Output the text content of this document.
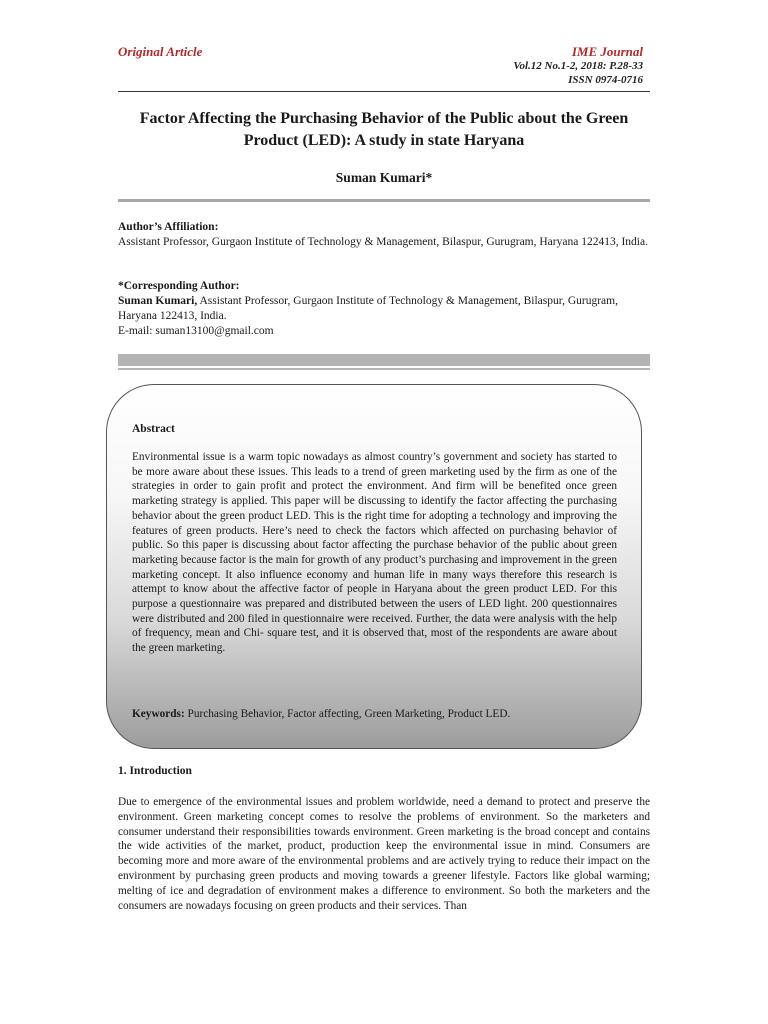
Original Article	IME Journal
Vol.12 No.1-2, 2018: P.28-33
ISSN 0974-0716
Factor Affecting the Purchasing Behavior of the Public about the Green Product (LED): A study in state Haryana
Suman Kumari*
Author’s Affiliation:
Assistant Professor, Gurgaon Institute of Technology & Management, Bilaspur, Gurugram, Haryana 122413, India.
*Corresponding Author:
Suman Kumari, Assistant Professor, Gurgaon Institute of Technology & Management, Bilaspur, Gurugram, Haryana 122413, India.
E-mail: suman13100@gmail.com
Abstract
Environmental issue is a warm topic nowadays as almost country’s government and society has started to be more aware about these issues. This leads to a trend of green marketing used by the firm as one of the strategies in order to gain profit and protect the environment. And firm will be benefited once green marketing strategy is applied. This paper will be discussing to identify the factor affecting the purchasing behavior about the green product LED. This is the right time for adopting a technology and improving the features of green products. Here’s need to check the factors which affected on purchasing behavior of public. So this paper is discussing about factor affecting the purchase behavior of the public about green marketing because factor is the main for growth of any product’s purchasing and improvement in the green marketing concept. It also influence economy and human life in many ways therefore this research is attempt to know about the affective factor of people in Haryana about the green product LED. For this purpose a questionnaire was prepared and distributed between the users of LED light. 200 questionnaires were distributed and 200 filed in questionnaire were received. Further, the data were analysis with the help of frequency, mean and Chi- square test, and it is observed that, most of the respondents are aware about the green marketing.
Keywords: Purchasing Behavior, Factor affecting, Green Marketing, Product LED.
1. Introduction
Due to emergence of the environmental issues and problem worldwide, need a demand to protect and preserve the environment. Green marketing concept comes to resolve the problems of environment. So the marketers and consumer understand their responsibilities towards environment. Green marketing is the broad concept and contains the wide activities of the market, product, production keep the environmental issue in mind. Consumers are becoming more and more aware of the environmental problems and are actively trying to reduce their impact on the environment by purchasing green products and moving towards a greener lifestyle. Factors like global warming; melting of ice and degradation of environment makes a difference to environment. So both the marketers and the consumers are nowadays focusing on green products and their services. Than
